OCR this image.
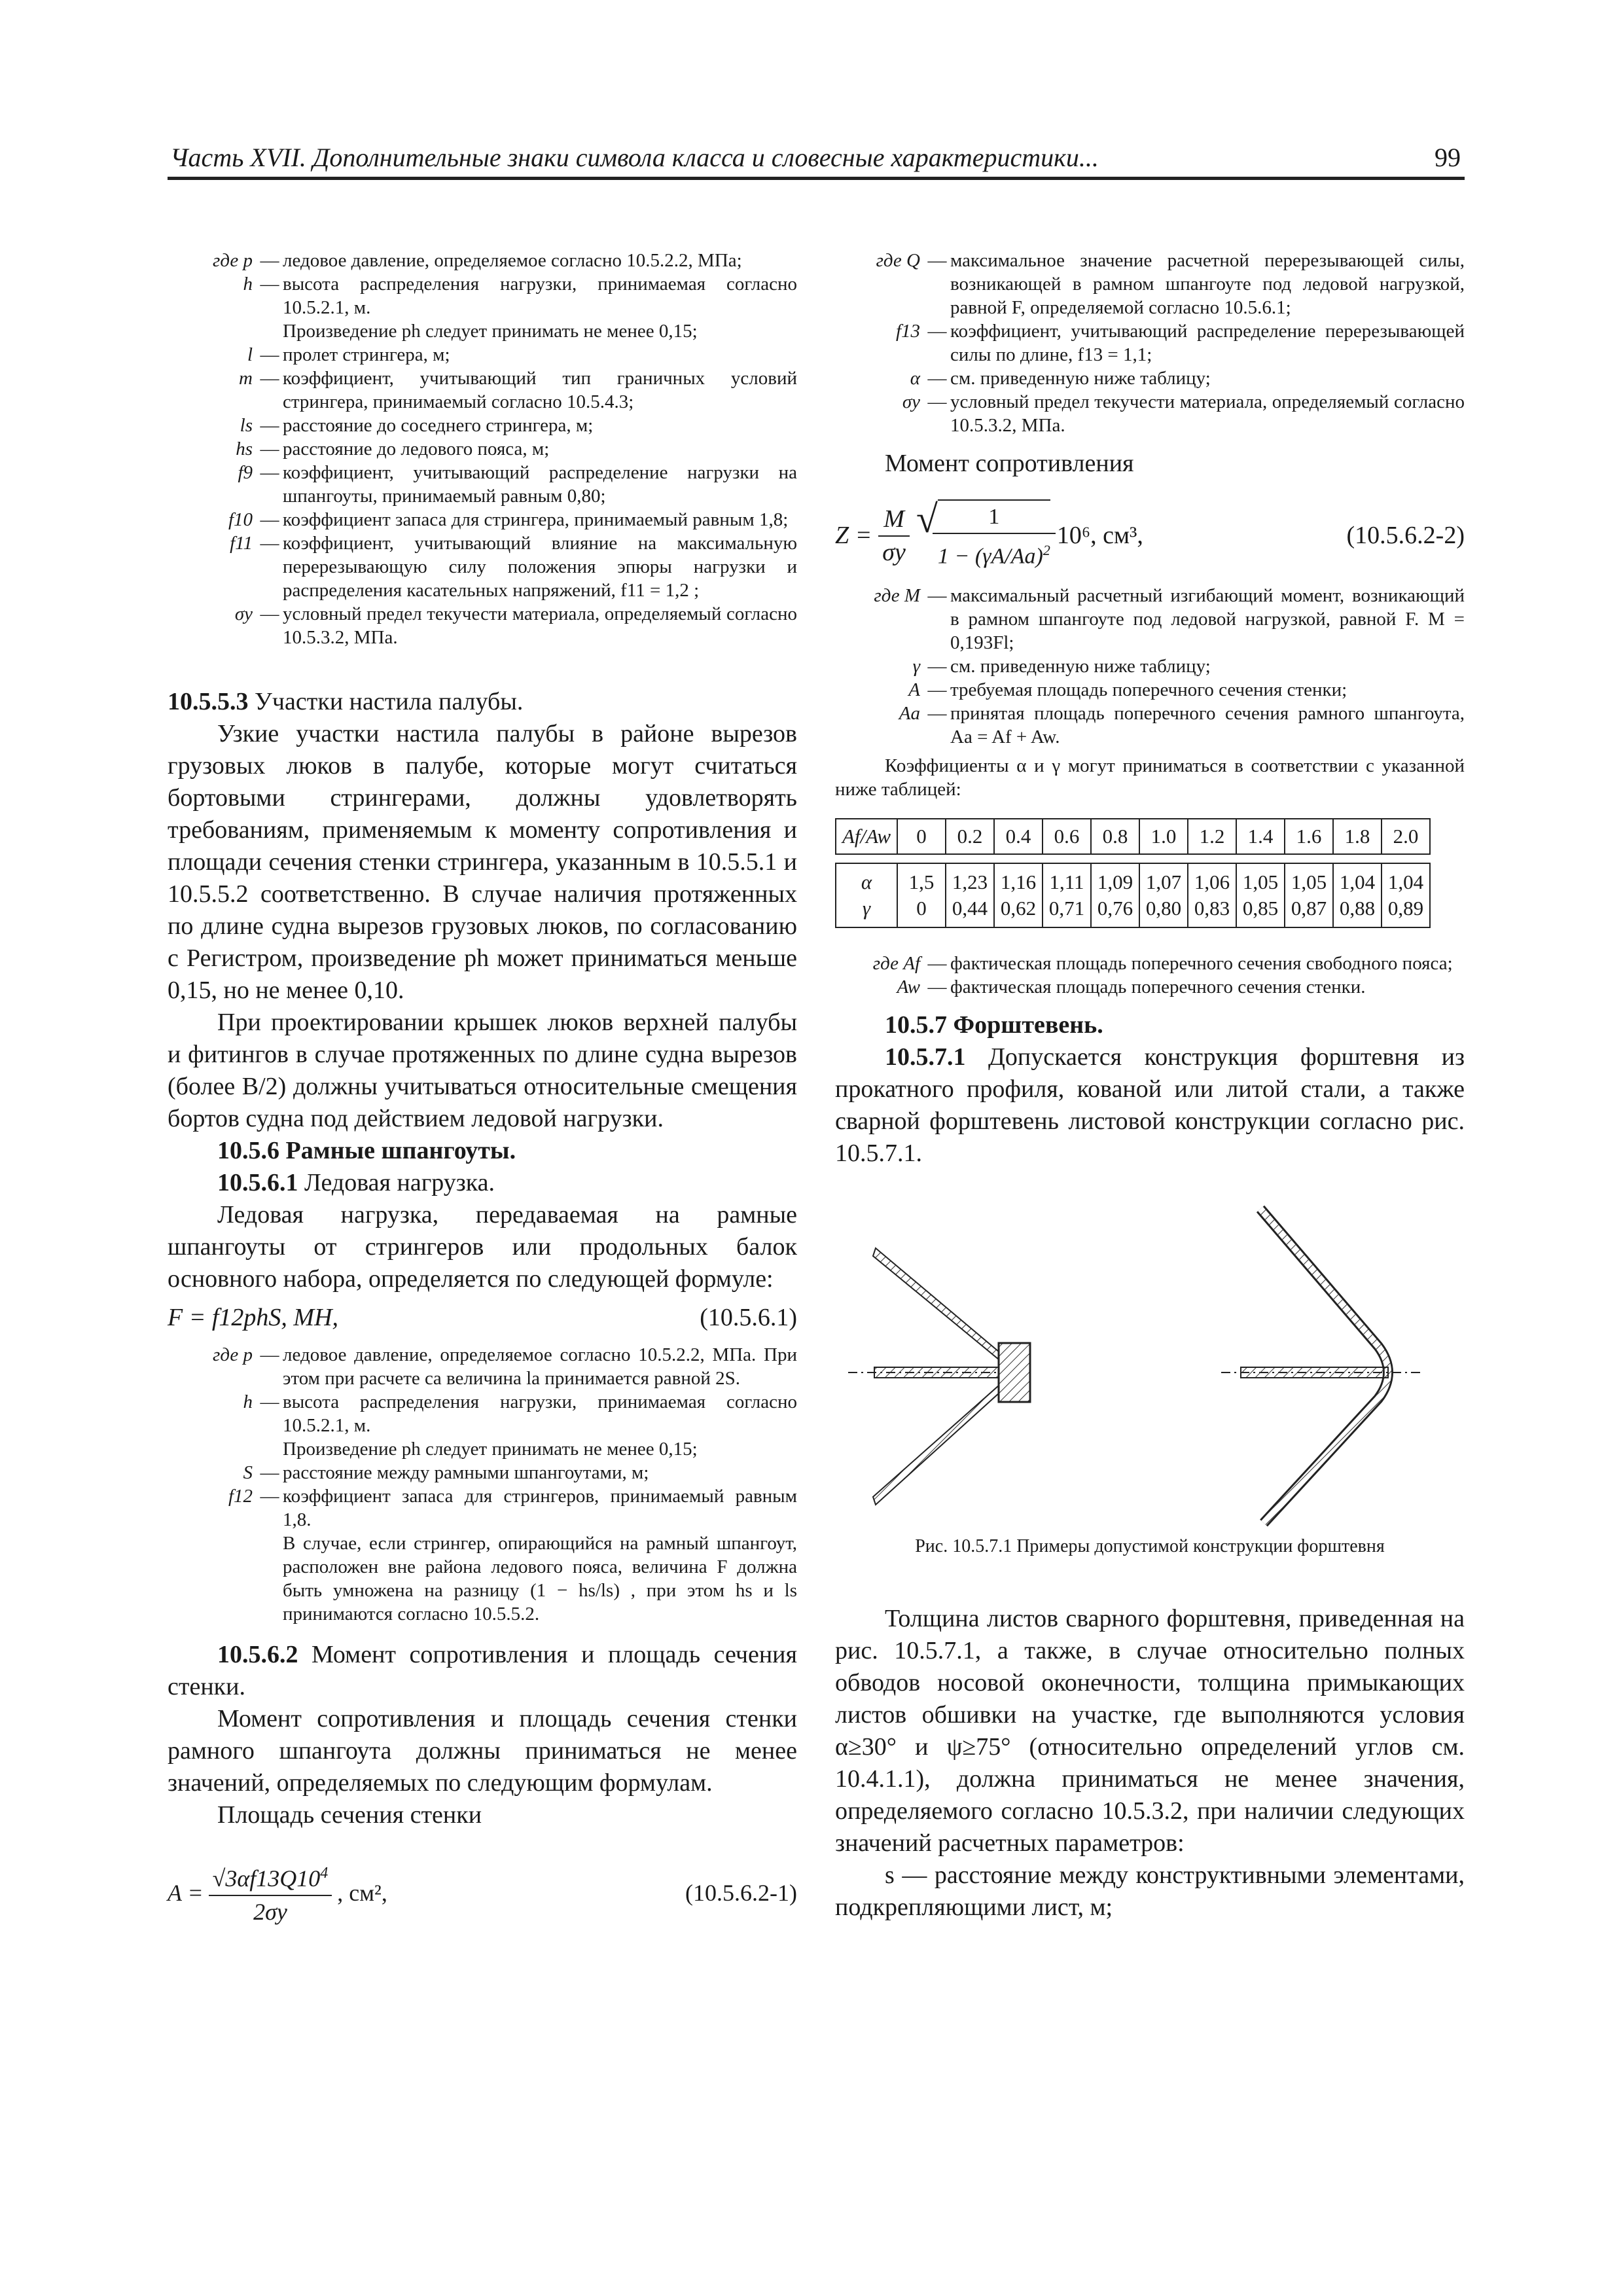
Часть XVII. Дополнительные знаки символа класса и словесные характеристики...	99
где p	—	ледовое давление, определяемое согласно 10.5.2.2, МПа;
h	—	высота распределения нагрузки, принимаемая согласно 10.5.2.1, м.
		Произведение ph следует принимать не менее 0,15;
l	—	пролет стрингера, м;
m	—	коэффициент, учитывающий тип граничных условий стрингера, принимаемый согласно 10.5.4.3;
ls	—	расстояние до соседнего стрингера, м;
hs	—	расстояние до ледового пояса, м;
f9	—	коэффициент, учитывающий распределение нагрузки на шпангоуты, принимаемый равным 0,80;
f10	—	коэффициент запаса для стрингера, принимаемый равным 1,8;
f11	—	коэффициент, учитывающий влияние на максимальную перерезывающую силу положения эпюры нагрузки и распределения касательных напряжений, f11 = 1,2 ;
σy	—	условный предел текучести материала, определяемый согласно 10.5.3.2, МПа.

10.5.5.3 Участки настила палубы.

Узкие участки настила палубы в районе вырезов грузовых люков в палубе, которые могут считаться бортовыми стрингерами, должны удовлетворять требованиям, применяемым к моменту сопротивления и площади сечения стенки стрингера, указанным в 10.5.5.1 и 10.5.5.2 соответственно. В случае наличия протяженных по длине судна вырезов грузовых люков, по согласованию с Регистром, произведение ph может приниматься меньше 0,15, но не менее 0,10.

При проектировании крышек люков верхней палубы и фитингов в случае протяженных по длине судна вырезов (более B/2) должны учитываться относительные смещения бортов судна под действием ледовой нагрузки.

10.5.6 Рамные шпангоуты.

10.5.6.1 Ледовая нагрузка.

Ледовая нагрузка, передаваемая на рамные шпангоуты от стрингеров или продольных балок основного набора, определяется по следующей формуле:

F = f12phS, МН,	(10.5.6.1)
где p	—	ледовое давление, определяемое согласно 10.5.2.2, МПа. При этом при расчете ca величина la принимается равной 2S.
h	—	высота распределения нагрузки, принимаемая согласно 10.5.2.1, м.
		Произведение ph следует принимать не менее 0,15;
S	—	расстояние между рамными шпангоутами, м;
f12	—	коэффициент запаса для стрингеров, принимаемый равным 1,8.
		В случае, если стрингер, опирающийся на рамный шпангоут, расположен вне района ледового пояса, величина F должна быть умножена на разницу (1 − hs/ls) , при этом hs и ls принимаются согласно 10.5.5.2.

10.5.6.2 Момент сопротивления и площадь сечения стенки.

Момент сопротивления и площадь сечения стенки рамного шпангоута должны приниматься не менее значений, определяемых по следующим формулам.

Площадь сечения стенки

$A = \frac{√3\alpha f13Q10^4}{2\sigma y}$ , см²,	(10.5.6.2-1)
где Q	—	максимальное значение расчетной перерезывающей силы, возникающей в рамном шпангоуте под ледовой нагрузкой, равной F, определяемой согласно 10.5.6.1;
f13	—	коэффициент, учитывающий распределение перерезывающей силы по длине, f13 = 1,1;
α	—	см. приведенную ниже таблицу;
σy	—	условный предел текучести материала, определяемый согласно 10.5.3.2, МПа.

Момент сопротивления

$Z = \frac{M}{\sigma y}$ √ $\frac{1}{1 - (\gamma A/Aa)^2} 10^6$, см³,	(10.5.6.2-2)
где M	—	максимальный расчетный изгибающий момент, возникающий в рамном шпангоуте под ледовой нагрузкой, равной F. M = 0,193Fl;
γ	—	см. приведенную ниже таблицу;
A	—	требуемая площадь поперечного сечения стенки;
Aa	—	принятая площадь поперечного сечения рамного шпангоута, Aa = Af + Aw.

Коэффициенты α и γ могут приниматься в соответствии с указанной ниже таблицей:

Af/Aw	0	0.2	0.4	0.6	0.8	1.0	1.2	1.4	1.6	1.8	2.0

α	1,5	1,23	1,16	1,11	1,09	1,07	1,06	1,05	1,05	1,04	1,04
γ	0	0,44	0,62	0,71	0,76	0,80	0,83	0,85	0,87	0,88	0,89
где Af	—	фактическая площадь поперечного сечения свободного пояса;
Aw	—	фактическая площадь поперечного сечения стенки.

10.5.7 Форштевень.

10.5.7.1 Допускается конструкция форштевня из прокатного профиля, кованой или литой стали, а также сварной форштевень листовой конструкции согласно рис. 10.5.7.1.

Рис. 10.5.7.1 Примеры допустимой конструкции форштевня

Толщина листов сварного форштевня, приведенная на рис. 10.5.7.1, а также, в случае относительно полных обводов носовой оконечности, толщина примыкающих листов обшивки на участке, где выполняются условия α≥30° и ψ≥75° (относительно определений углов см. 10.4.1.1), должна приниматься не менее значения, определяемого согласно 10.5.3.2, при наличии следующих значений расчетных параметров:

s — расстояние между конструктивными элементами, подкрепляющими лист, м;
